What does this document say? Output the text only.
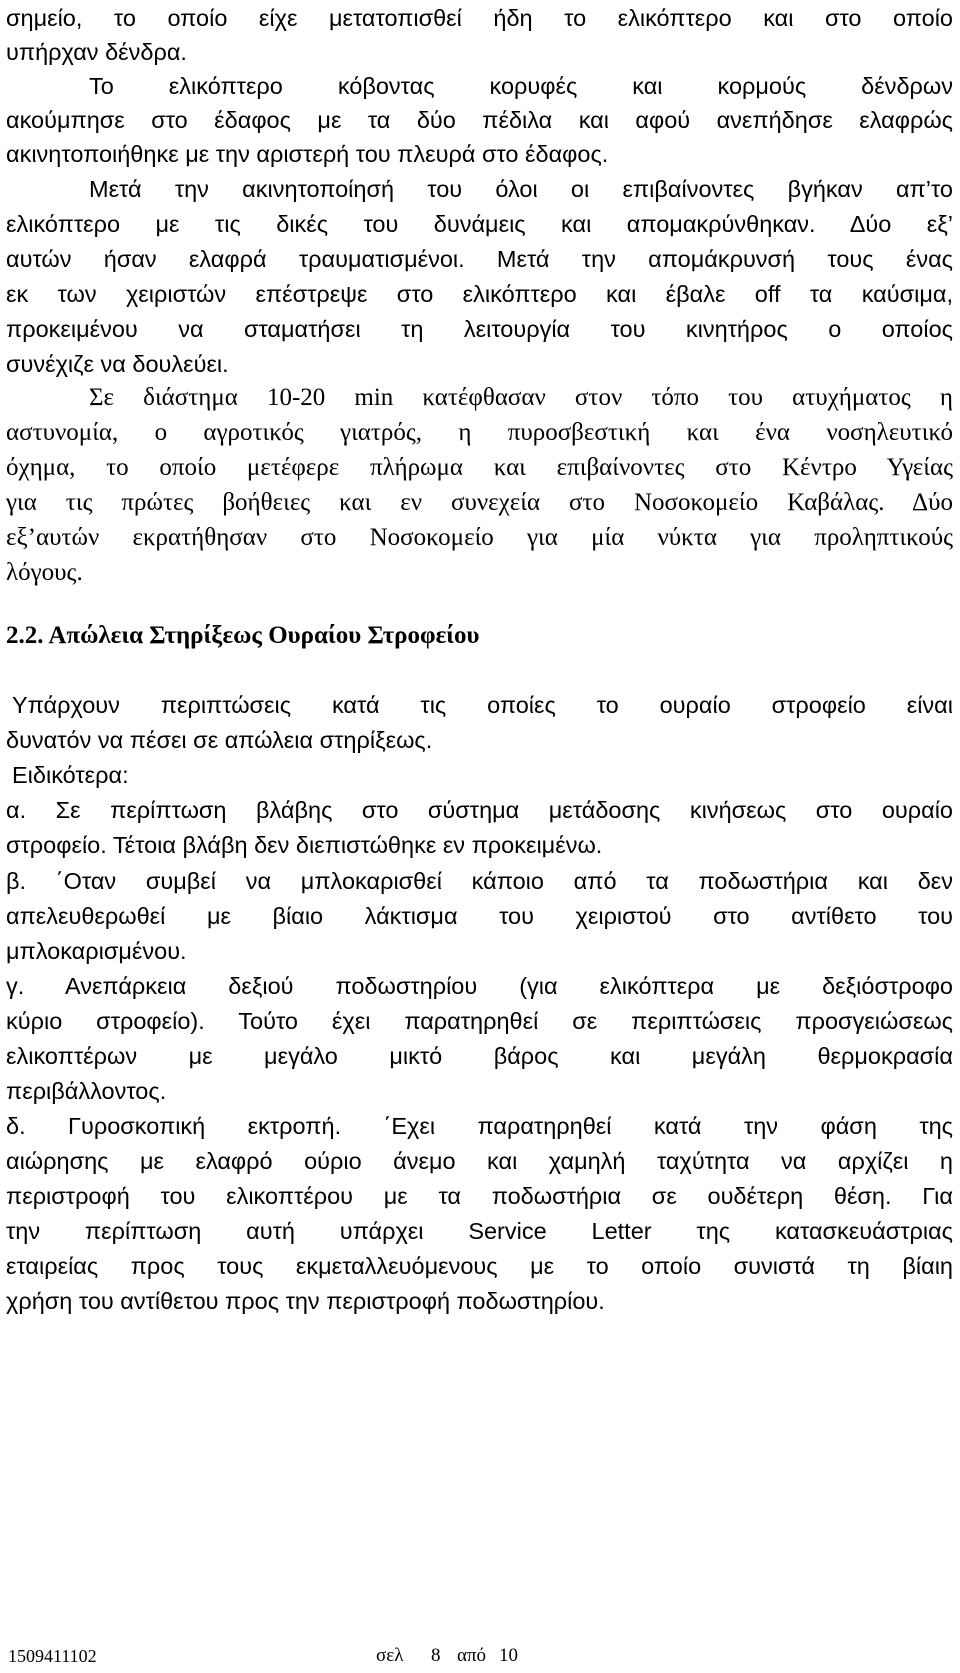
σημείο, το οποίο είχε μετατοπισθεί ήδη το ελικόπτερο και στο οποίο
υπήρχαν δένδρα.
Το ελικόπτερο κόβοντας κορυφές και κορμούς δένδρων
ακούμπησε στο έδαφος με τα δύο πέδιλα και αφού ανεπήδησε ελαφρώς
ακινητοποιήθηκε με την αριστερή του πλευρά στο έδαφος.
Μετά την ακινητοποίησή του όλοι οι επιβαίνοντες βγήκαν απ’το
ελικόπτερο με τις δικές του δυνάμεις και απομακρύνθηκαν. Δύο εξ’
αυτών ήσαν ελαφρά τραυματισμένοι. Μετά την απομάκρυνσή τους ένας
εκ των χειριστών επέστρεψε στο ελικόπτερο και έβαλε off τα καύσιμα,
προκειμένου να σταματήσει τη λειτουργία του κινητήρος ο οποίος
συνέχιζε να δουλεύει.
Σε διάστημα 10-20 min κατέφθασαν στον τόπο του ατυχήματος η
αστυνομία, ο αγροτικός γιατρός, η πυροσβεστική και ένα νοσηλευτικό
όχημα, το οποίο μετέφερε πλήρωμα και επιβαίνοντες στο Κέντρο Υγείας
για τις πρώτες βοήθειες και εν συνεχεία στο Νοσοκομείο Καβάλας. Δύο
εξ’αυτών εκρατήθησαν στο Νοσοκομείο για μία νύκτα για προληπτικούς
λόγους.
2.2. Απώλεια Στηρίξεως Ουραίου Στροφείου
Υπάρχουν περιπτώσεις κατά τις οποίες το ουραίο στροφείο είναι
δυνατόν να πέσει σε απώλεια στηρίξεως.
Ειδικότερα:
α. Σε περίπτωση βλάβης στο σύστημα μετάδοσης κινήσεως στο ουραίο
στροφείο. Τέτοια βλάβη δεν διεπιστώθηκε εν προκειμένω.
β. ΄Οταν συμβεί να μπλοκαρισθεί κάποιο από τα ποδωστήρια και δεν
απελευθερωθεί με βίαιο λάκτισμα του χειριστού στο αντίθετο του
μπλοκαρισμένου.
γ. Ανεπάρκεια δεξιού ποδωστηρίου (για ελικόπτερα με δεξιόστροφο
κύριο στροφείο). Τούτο έχει παρατηρηθεί σε περιπτώσεις προσγειώσεως
ελικοπτέρων με μεγάλο μικτό βάρος και μεγάλη θερμοκρασία
περιβάλλοντος.
δ. Γυροσκοπική εκτροπή. ΄Εχει παρατηρηθεί κατά την φάση της
αιώρησης με ελαφρό ούριο άνεμο και χαμηλή ταχύτητα να αρχίζει η
περιστροφή του ελικοπτέρου με τα ποδωστήρια σε ουδέτερη θέση. Για
την περίπτωση αυτή υπάρχει Service Letter της κατασκευάστριας
εταιρείας προς τους εκμεταλλευόμενους με το οποίο συνιστά τη βίαιη
χρήση του αντίθετου προς την περιστροφή ποδωστηρίου.
1509411102	σελ 8 από 10
